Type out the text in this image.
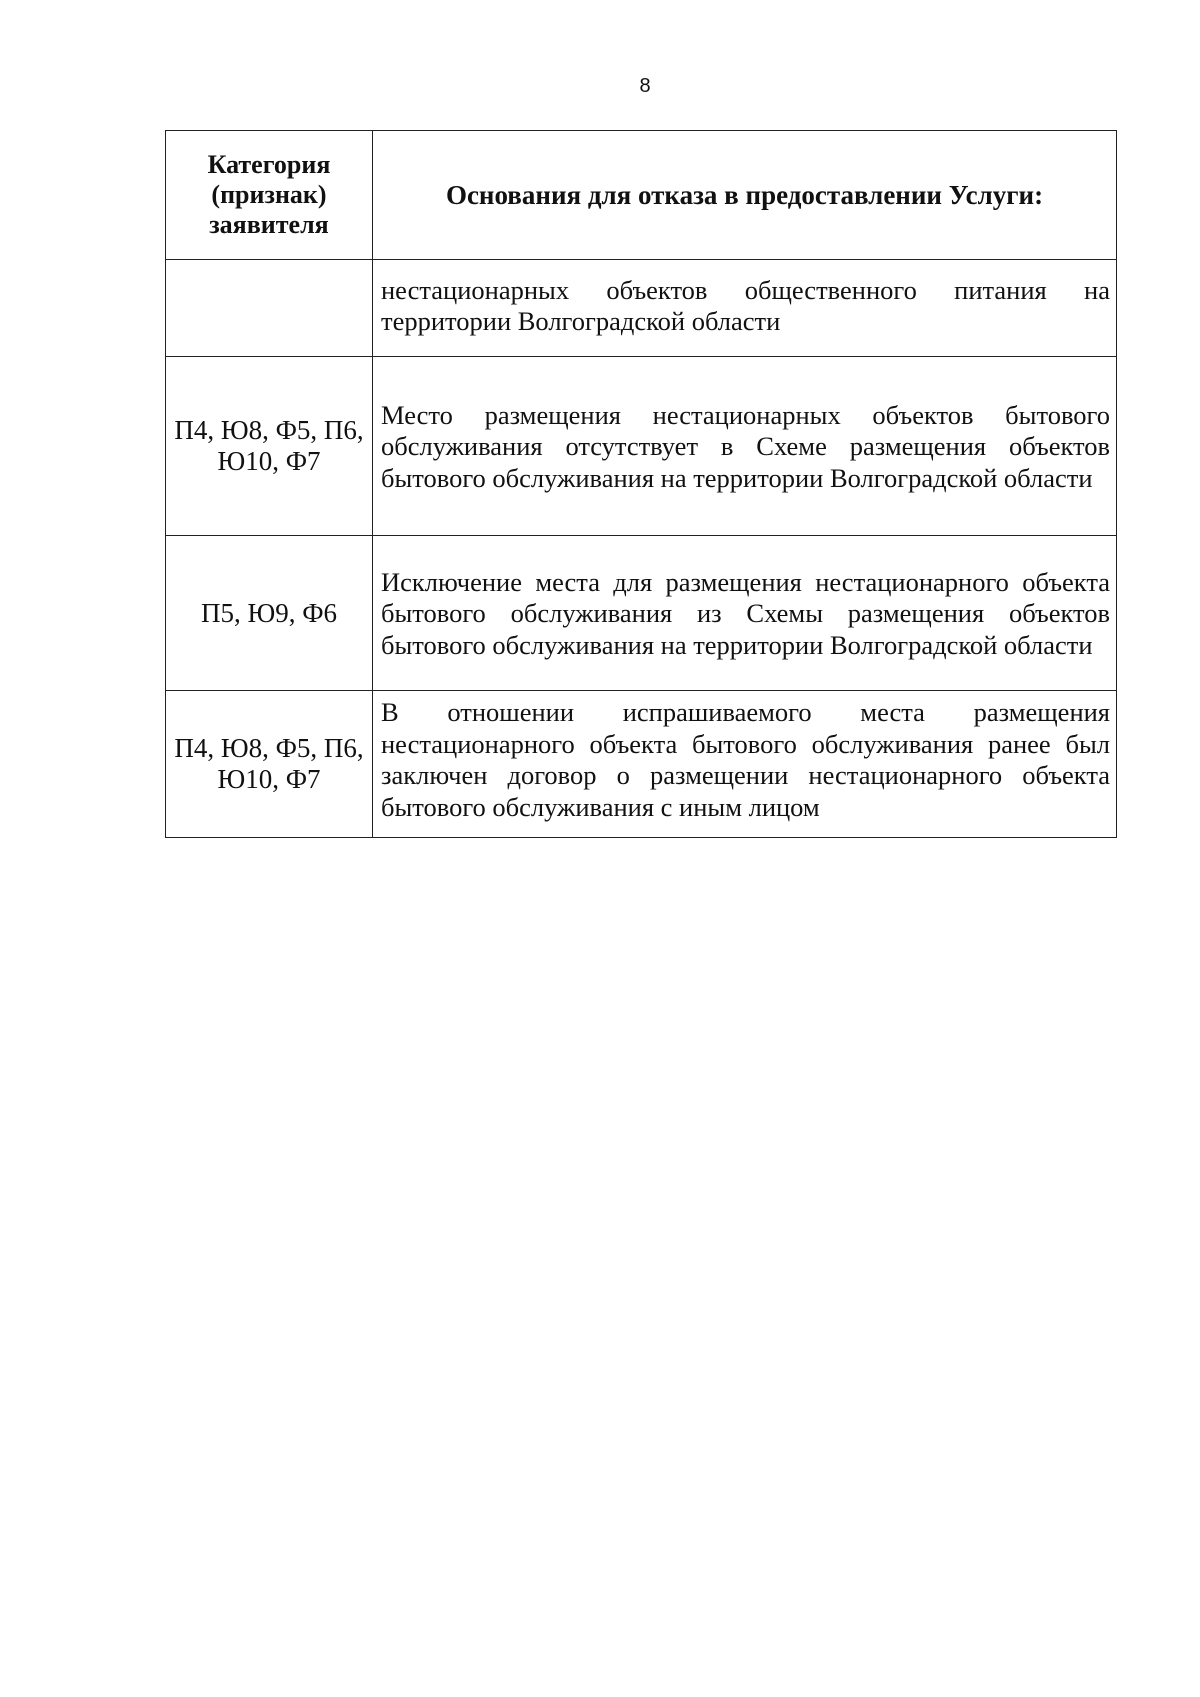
8
Категория (признак) заявителя	Основания для отказа в предоставлении Услуги:
	нестационарных объектов общественного питания на территории Волгоградской области
П4, Ю8, Ф5, П6, Ю10, Ф7	Место размещения нестационарных объектов бытового обслуживания отсутствует в Схеме размещения объектов бытового обслуживания на территории Волгоградской области
П5, Ю9, Ф6	Исключение места для размещения нестационарного объекта бытового обслуживания из Схемы размещения объектов бытового обслуживания на территории Волгоградской области
П4, Ю8, Ф5, П6, Ю10, Ф7	В отношении испрашиваемого места размещения нестационарного объекта бытового обслуживания ранее был заключен договор о размещении нестационарного объекта бытового обслуживания с иным лицом
